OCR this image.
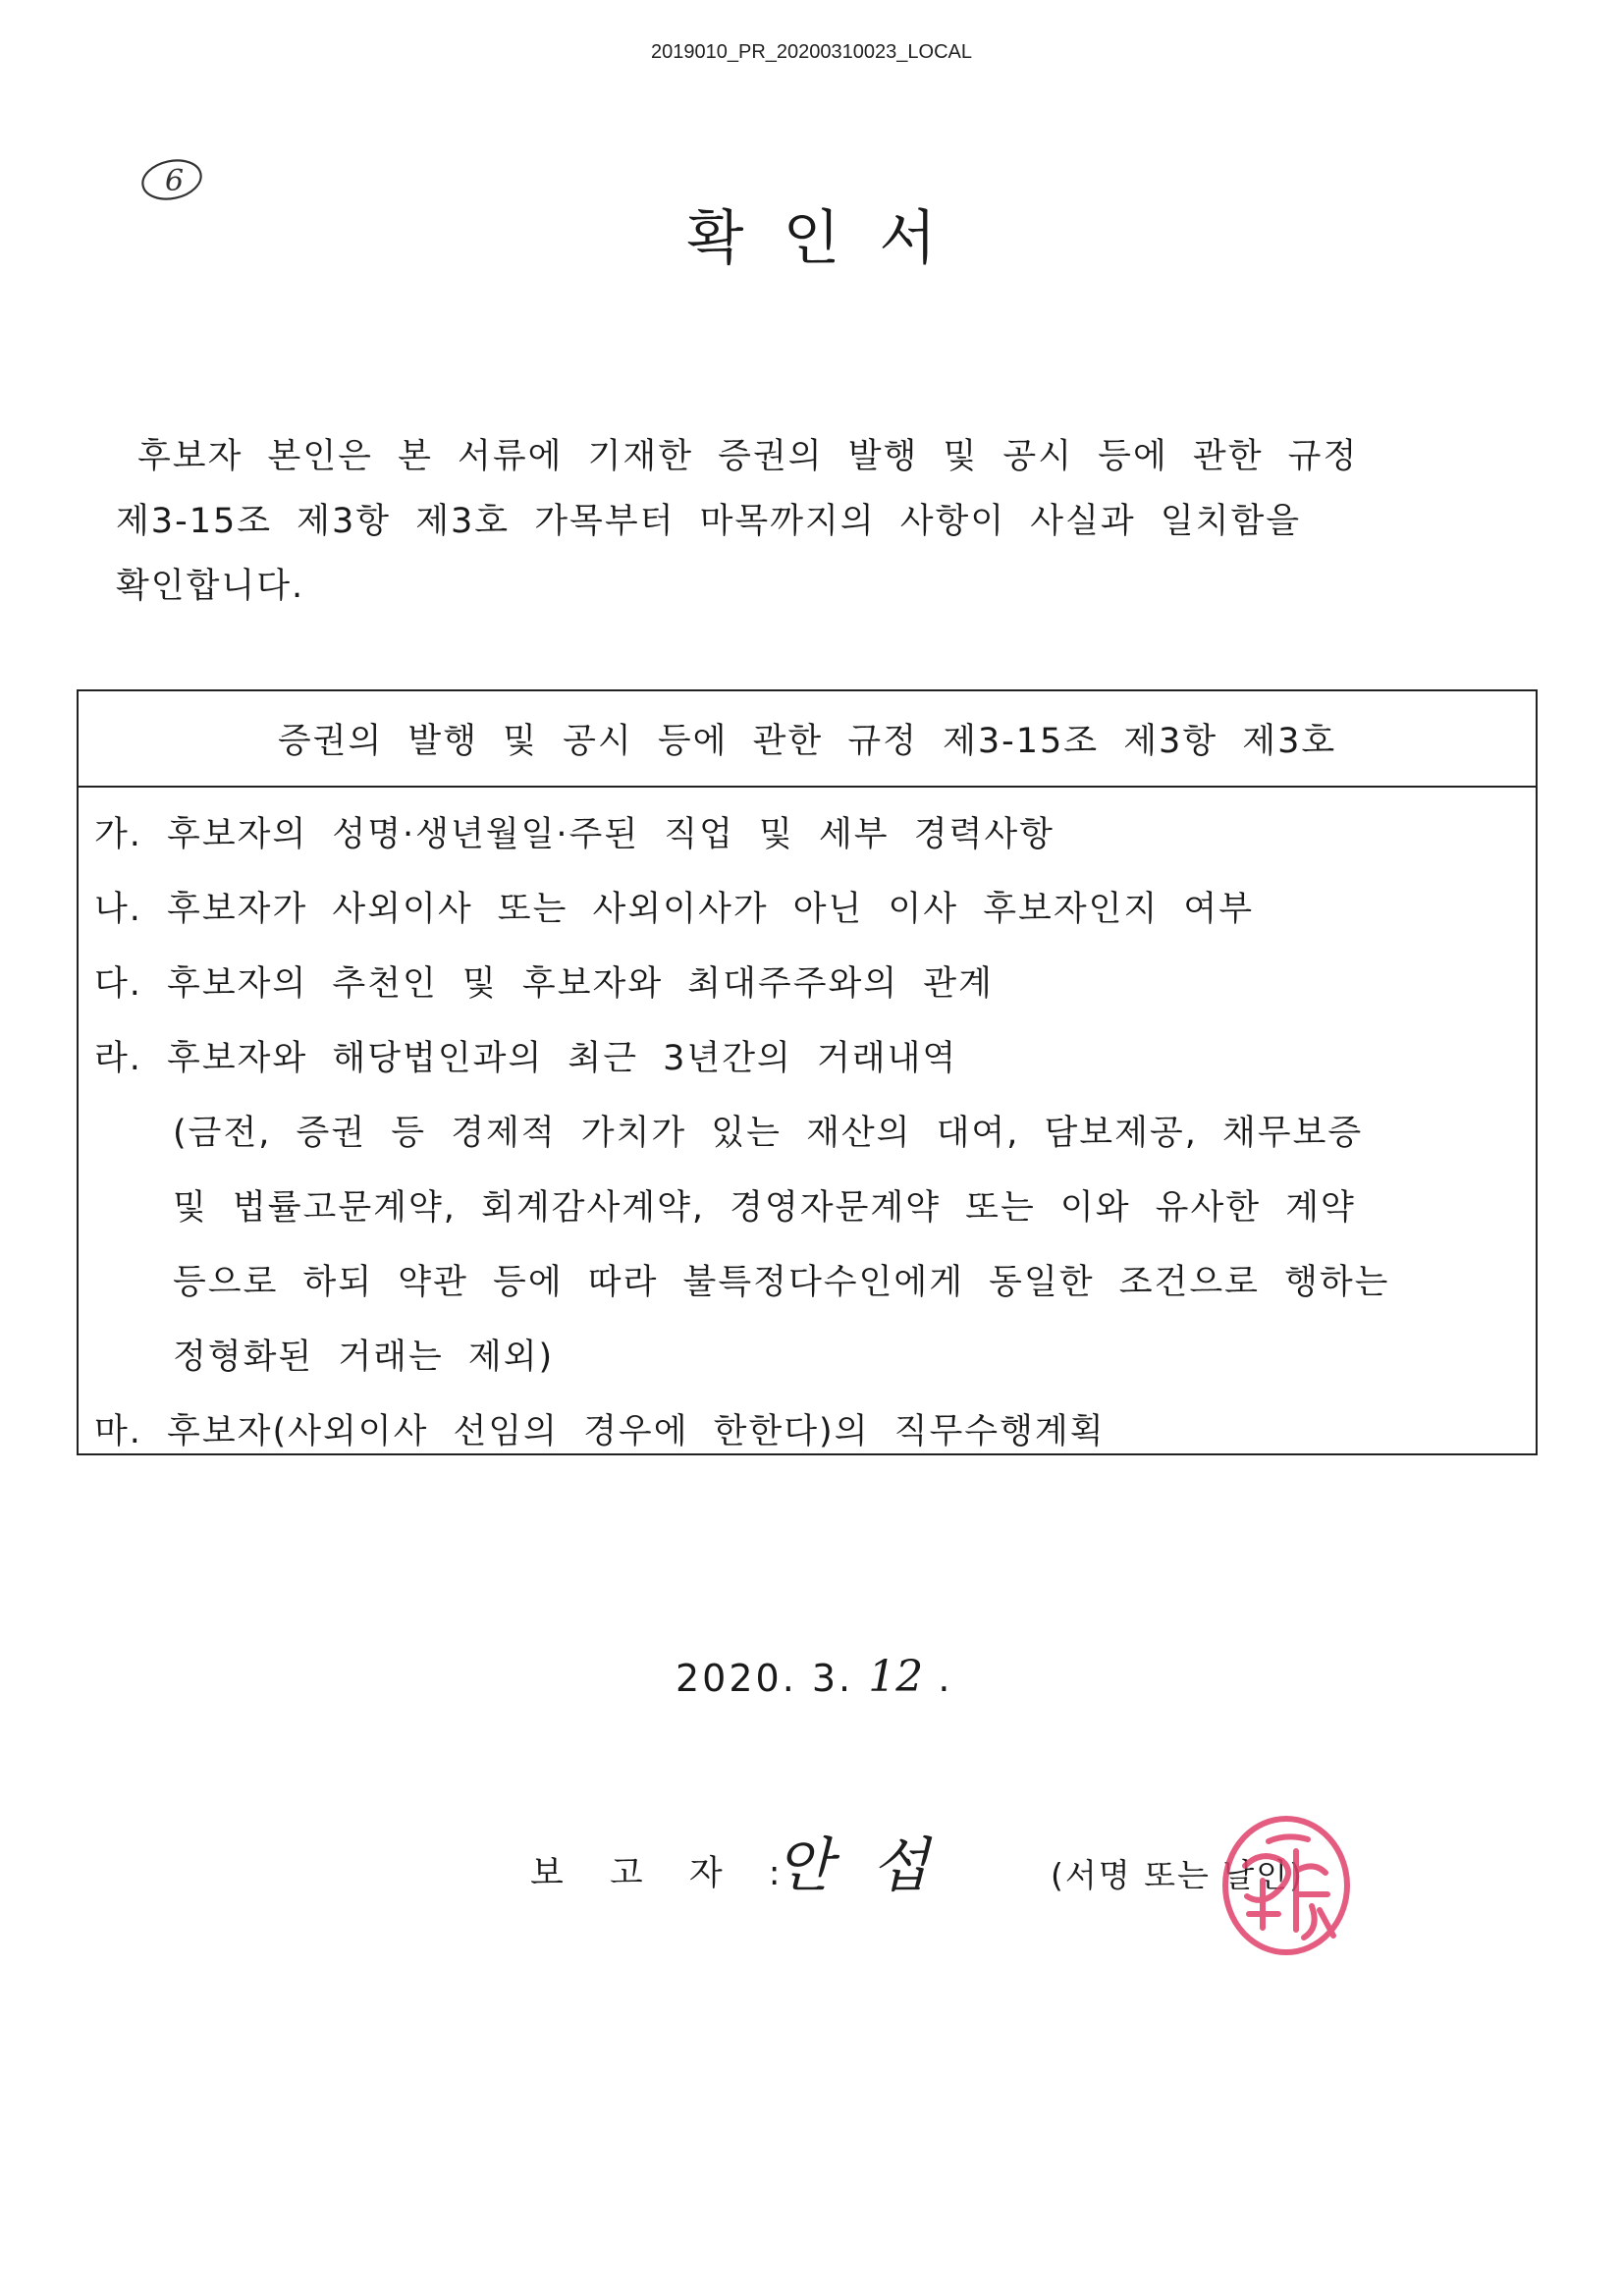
2019010_PR_20200310023_LOCAL
6
확인서
후보자 본인은 본 서류에 기재한 증권의 발행 및 공시 등에 관한 규정
제3-15조 제3항 제3호 가목부터 마목까지의 사항이 사실과 일치함을
확인합니다.
증권의 발행 및 공시 등에 관한 규정 제3-15조 제3항 제3호
가. 후보자의 성명·생년월일·주된 직업 및 세부 경력사항
나. 후보자가 사외이사 또는 사외이사가 아닌 이사 후보자인지 여부
다. 후보자의 추천인 및 후보자와 최대주주와의 관계
라. 후보자와 해당법인과의 최근 3년간의 거래내역
(금전, 증권 등 경제적 가치가 있는 재산의 대여, 담보제공, 채무보증
및 법률고문계약, 회계감사계약, 경영자문계약 또는 이와 유사한 계약
등으로 하되 약관 등에 따라 불특정다수인에게 동일한 조건으로 행하는
정형화된 거래는 제외)
마. 후보자(사외이사 선임의 경우에 한한다)의 직무수행계획
2020. 3. 12 .
보 고 자 :
안섭	(서명 또는 날인)
